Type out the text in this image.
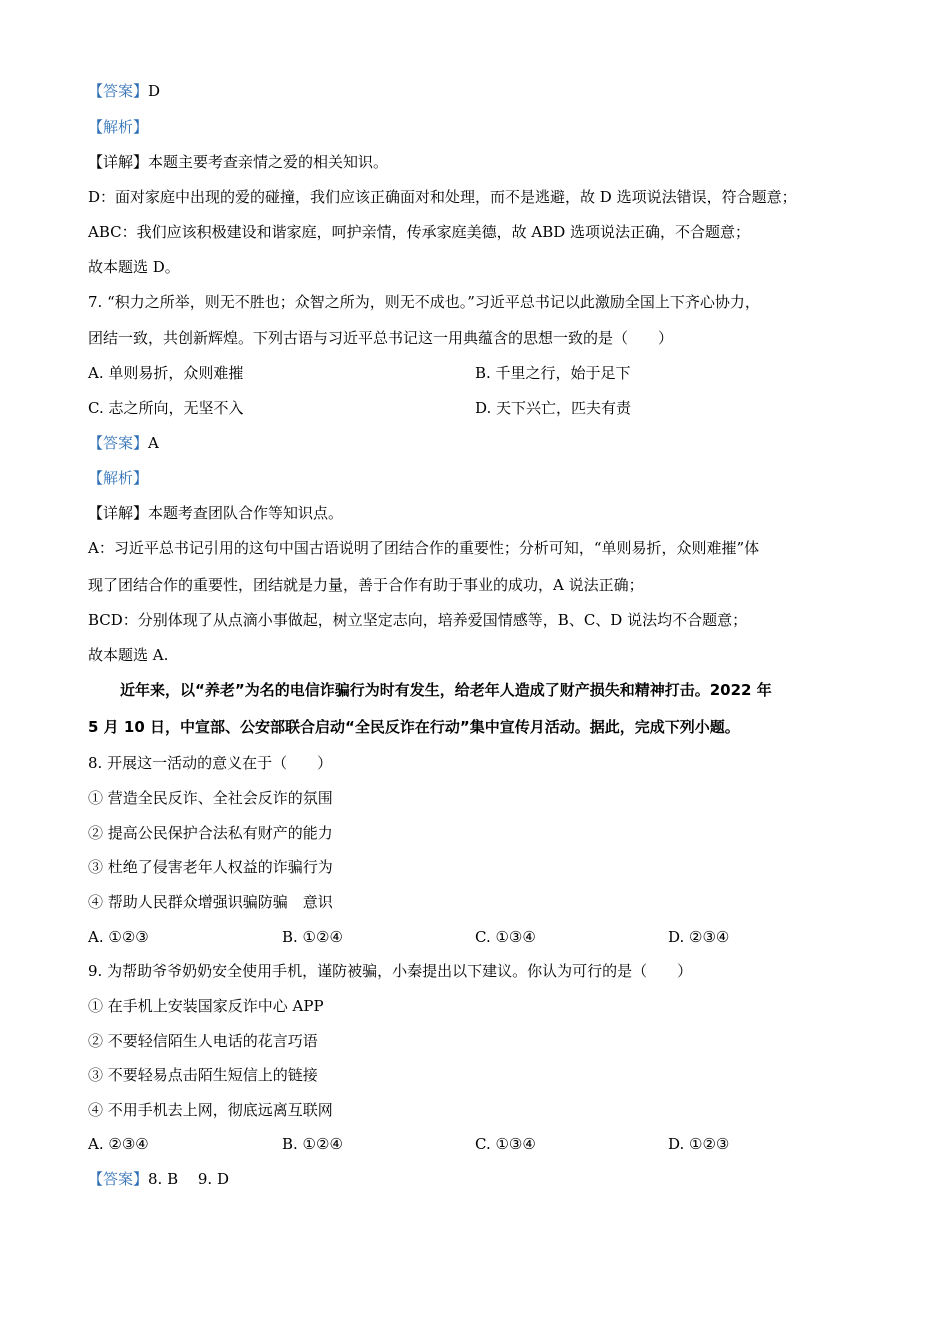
【答案】D
【解析】
【详解】本题主要考查亲情之爱的相关知识。
D：面对家庭中出现的爱的碰撞，我们应该正确面对和处理，而不是逃避，故 D 选项说法错误，符合题意；
ABC：我们应该积极建设和谐家庭，呵护亲情，传承家庭美德，故 ABD 选项说法正确，不合题意；
故本题选 D。
7. “积力之所举，则无不胜也；众智之所为，则无不成也。”习近平总书记以此激励全国上下齐心协力，
团结一致，共创新辉煌。下列古语与习近平总书记这一用典蕴含的思想一致的是（　　）
A. 单则易折，众则难摧	B. 千里之行，始于足下
C. 志之所向，无坚不入	D. 天下兴亡，匹夫有责
【答案】A
【解析】
【详解】本题考查团队合作等知识点。
A：习近平总书记引用的这句中国古语说明了团结合作的重要性；分析可知，“单则易折，众则难摧”体
现了团结合作的重要性，团结就是力量，善于合作有助于事业的成功，A 说法正确；
BCD：分别体现了从点滴小事做起，树立坚定志向，培养爱国情感等，B、C、D 说法均不合题意；
故本题选 A.
近年来，以“养老”为名的电信诈骗行为时有发生，给老年人造成了财产损失和精神打击。2022 年
5 月 10 日，中宣部、公安部联合启动“全民反诈在行动”集中宣传月活动。据此，完成下列小题。
8. 开展这一活动的意义在于（　　）
① 营造全民反诈、全社会反诈的氛围
② 提高公民保护合法私有财产的能力
③ 杜绝了侵害老年人权益的诈骗行为
④ 帮助人民群众增强识骗防骗　意识
A. ①②③	B. ①②④	C. ①③④	D. ②③④
9. 为帮助爷爷奶奶安全使用手机，谨防被骗，小秦提出以下建议。你认为可行的是（　　）
① 在手机上安装国家反诈中心 APP
② 不要轻信陌生人电话的花言巧语
③ 不要轻易点击陌生短信上的链接
④ 不用手机去上网，彻底远离互联网
A. ②③④	B. ①②④	C. ①③④	D. ①②③
【答案】8. B　 9. D
